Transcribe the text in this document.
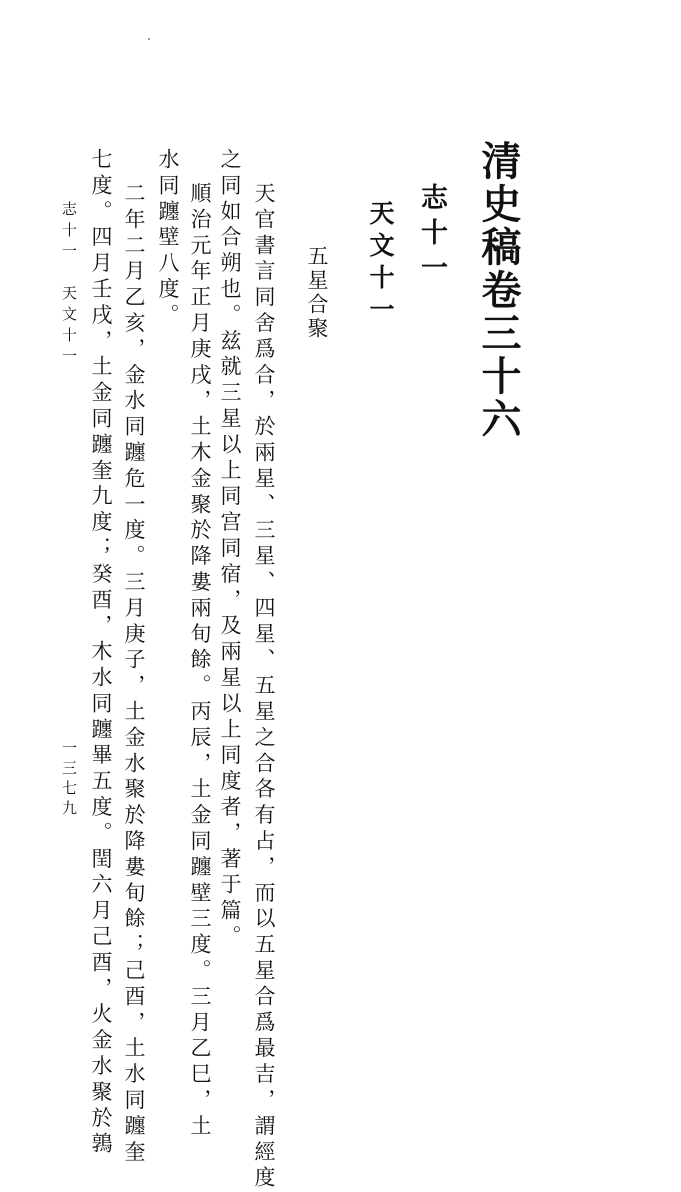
清史稿卷三十六
志十一
天文十一
五星合聚
天官書言同舍爲合，於兩星、三星、四星、五星之合各有占，而以五星合爲最吉，謂經度
之同如合朔也。兹就三星以上同宫同宿，及兩星以上同度者，著于篇。
順治元年正月庚戌，土木金聚於降婁兩旬餘。丙辰，土金同躔壁三度。三月乙巳，土
水同躔壁八度。
二年二月乙亥，金水同躔危一度。三月庚子，土金水聚於降婁旬餘；己酉，土水同躔奎
七度。四月壬戌，土金同躔奎九度；癸酉，木水同躔畢五度。閏六月己酉，火金水聚於鶉
志十一　天文十一
一三七九
